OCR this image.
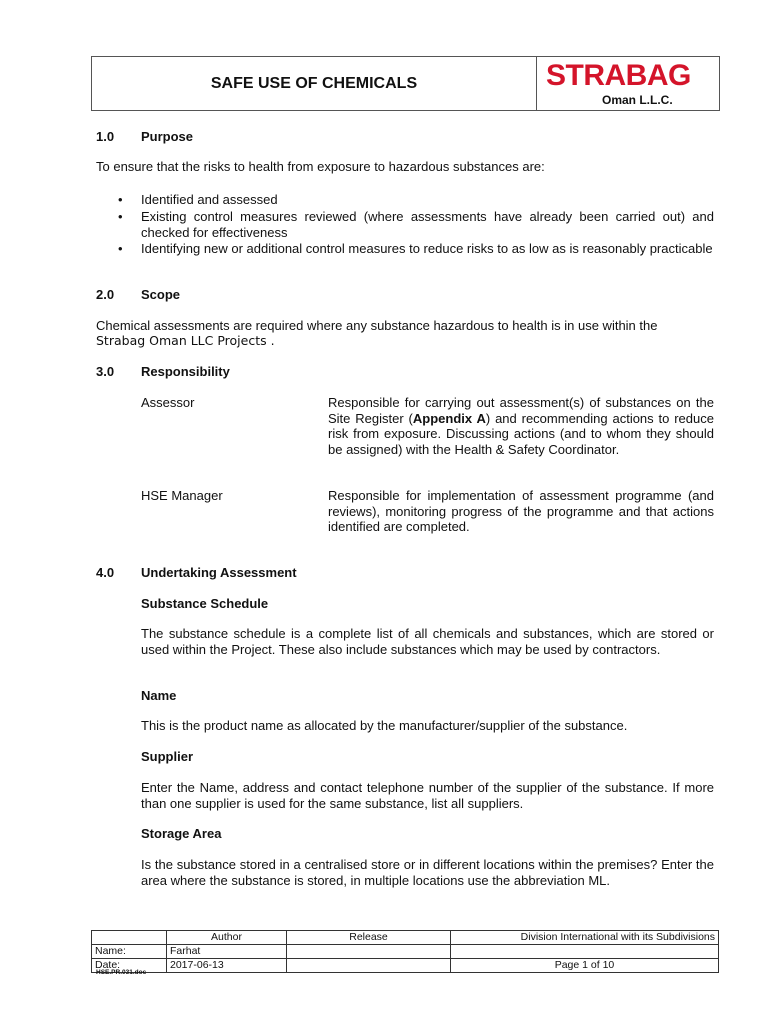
SAFE USE OF CHEMICALS	STRABAG
Oman L.L.C.
1.0 Purpose

To ensure that the risks to health from exposure to hazardous substances are:

• Identified and assessed

• Existing control measures reviewed (where assessments have already been carried out) and checked for effectiveness

• Identifying new or additional control measures to reduce risks to as low as is reasonably practicable

2.0 Scope

Chemical assessments are required where any substance hazardous to health is in use within the

Strabag Oman LLC Projects .

3.0 Responsibility

Assessor	Responsible for carrying out assessment(s) of substances on the Site Register (Appendix A) and recommending actions to reduce risk from exposure. Discussing actions (and to whom they should be assigned) with the Health & Safety Coordinator.

HSE Manager	Responsible for implementation of assessment programme (and reviews), monitoring progress of the programme and that actions identified are completed.

4.0 Undertaking Assessment
Substance Schedule

The substance schedule is a complete list of all chemicals and substances, which are stored or used within the Project. These also include substances which may be used by contractors.

Name

This is the product name as allocated by the manufacturer/supplier of the substance.

Supplier

Enter the Name, address and contact telephone number of the supplier of the substance. If more than one supplier is used for the same substance, list all suppliers.

Storage Area

Is the substance stored in a centralised store or in different locations within the premises? Enter the area where the substance is stored, in multiple locations use the abbreviation ML.

	Author	Release	Division International with its Subdivisions
Name:	Farhat		
Date:	2017-06-13		Page 1 of 10
HSE.PR.031.doc
